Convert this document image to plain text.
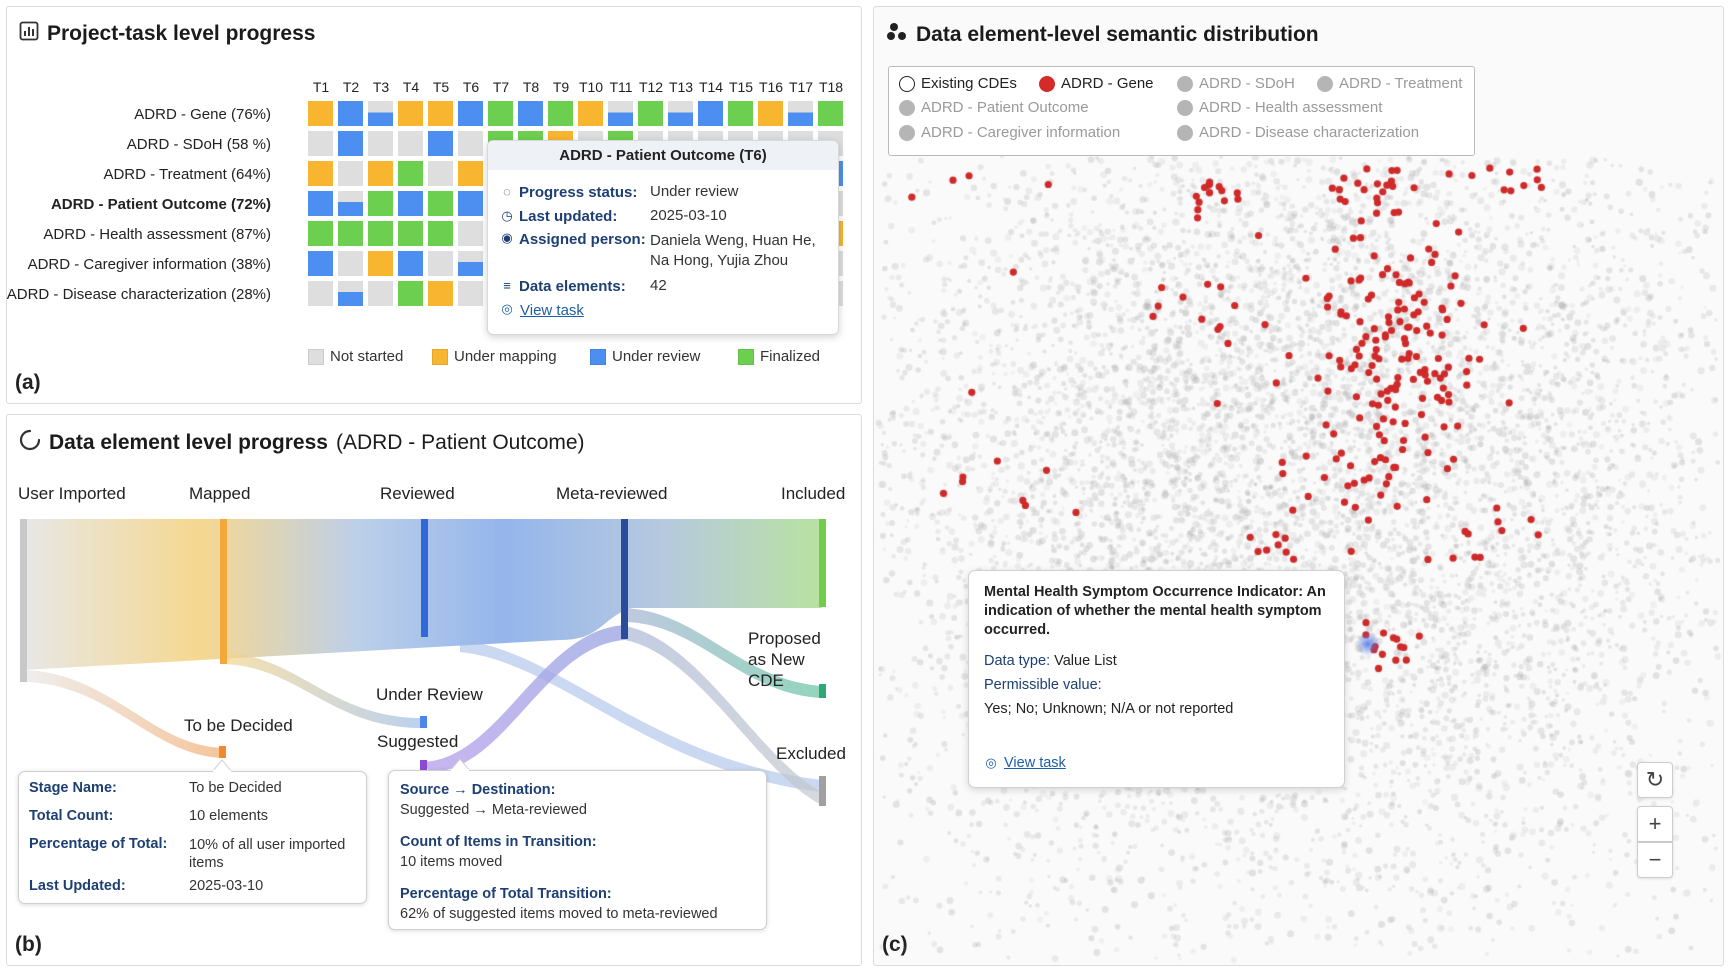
Project-task level progress
T1 T2 T3 T4 T5 T6 T7 T8 T9 T10 T11 T12 T13 T14 T15 T16 T17 T18
ADRD - Gene (76%)
ADRD - SDoH (58 %)
ADRD - Treatment (64%)
ADRD - Patient Outcome (72%)
ADRD - Health assessment (87%)
ADRD - Caregiver information (38%)
ADRD - Disease characterization (28%)
(a)
Not started	Under mapping	Under review	Finalized
ADRD - Patient Outcome (T6)
◌ Progress status: Under review
◷ Last updated: 2025-03-10
◉ Assigned person: Daniela Weng, Huan He, Na Hong, Yujia Zhou
≡ Data elements: 42
◎ View task
Data element level progress (ADRD - Patient Outcome)
(b)
User Imported	Mapped	Reviewed	Meta-reviewed	Included
Proposed as New CDE
Under Review
To be Decided
Suggested
Excluded
Stage Name:	To be Decided
Total Count:	10 elements
Percentage of Total: 10% of all user imported items
Last Updated:	2025-03-10
Source → Destination:
Suggested → Meta-reviewed
Count of Items in Transition:
10 items moved
Percentage of Total Transition:
62% of suggested items moved to meta-reviewed
Existing CDEs	ADRD - Gene	ADRD - SDoH	ADRD - Treatment
ADRD - Patient Outcome	ADRD - Health assessment
ADRD - Caregiver information	ADRD - Disease characterization
Mental Health Symptom Occurrence Indicator: An indication of whether the mental health symptom occurred.
Data type: Value List
Permissible value:
Yes; No; Unknown; N/A or not reported
◎ View task
↻
+
−
